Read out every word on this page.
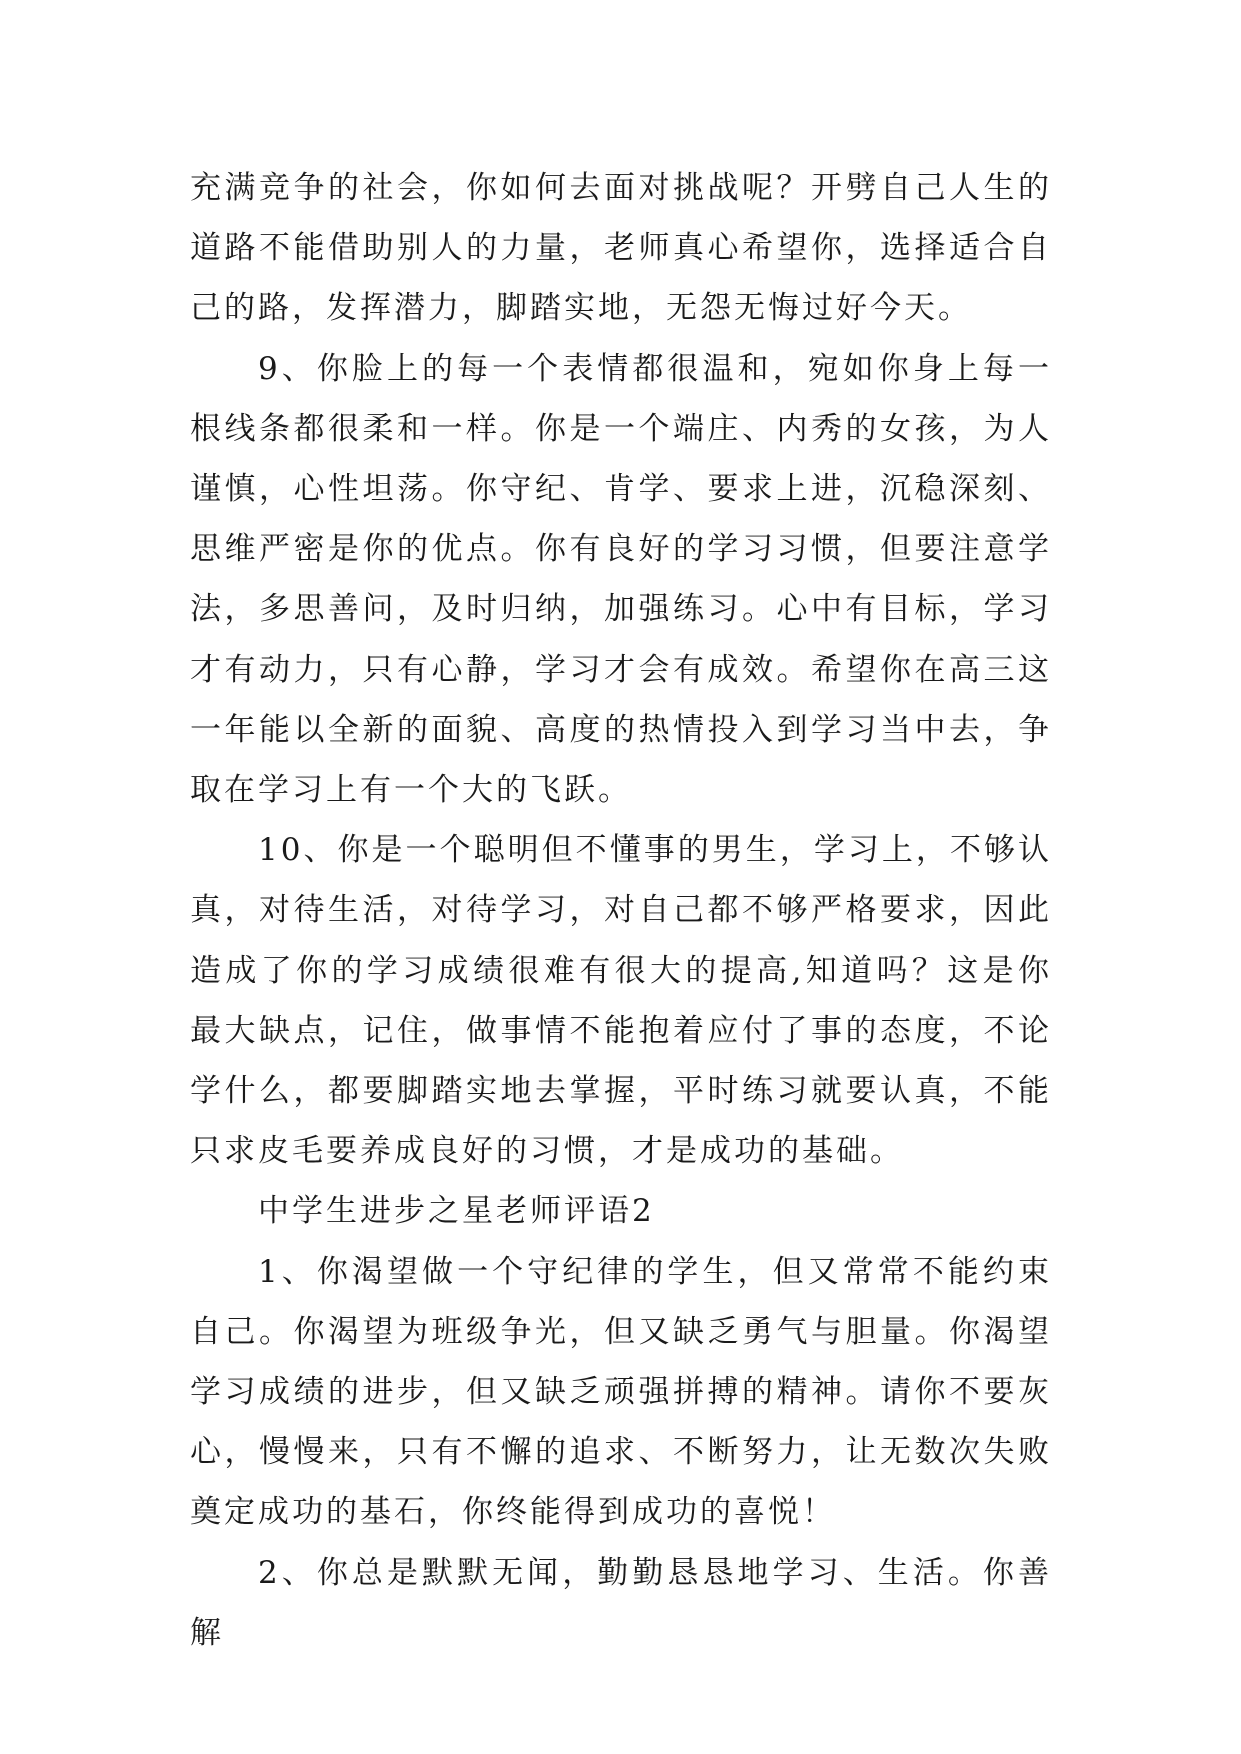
充满竞争的社会，你如何去面对挑战呢？开劈自己人生的道路不能借助别人的力量，老师真心希望你，选择适合自己的路，发挥潜力，脚踏实地，无怨无悔过好今天。

9、你脸上的每一个表情都很温和，宛如你身上每一根线条都很柔和一样。你是一个端庄、内秀的女孩，为人谨慎，心性坦荡。你守纪、肯学、要求上进，沉稳深刻、思维严密是你的优点。你有良好的学习习惯，但要注意学法，多思善问，及时归纳，加强练习。心中有目标，学习才有动力，只有心静，学习才会有成效。希望你在高三这一年能以全新的面貌、高度的热情投入到学习当中去，争取在学习上有一个大的飞跃。

10、你是一个聪明但不懂事的男生，学习上，不够认真，对待生活，对待学习，对自己都不够严格要求，因此造成了你的学习成绩很难有很大的提高,知道吗？这是你最大缺点，记住，做事情不能抱着应付了事的态度，不论学什么，都要脚踏实地去掌握，平时练习就要认真，不能只求皮毛要养成良好的习惯，才是成功的基础。

中学生进步之星老师评语2

1、你渴望做一个守纪律的学生，但又常常不能约束自己。你渴望为班级争光，但又缺乏勇气与胆量。你渴望学习成绩的进步，但又缺乏顽强拼搏的精神。请你不要灰心，慢慢来，只有不懈的追求、不断努力，让无数次失败奠定成功的基石，你终能得到成功的喜悦！

2、你总是默默无闻，勤勤恳恳地学习、生活。你善解
